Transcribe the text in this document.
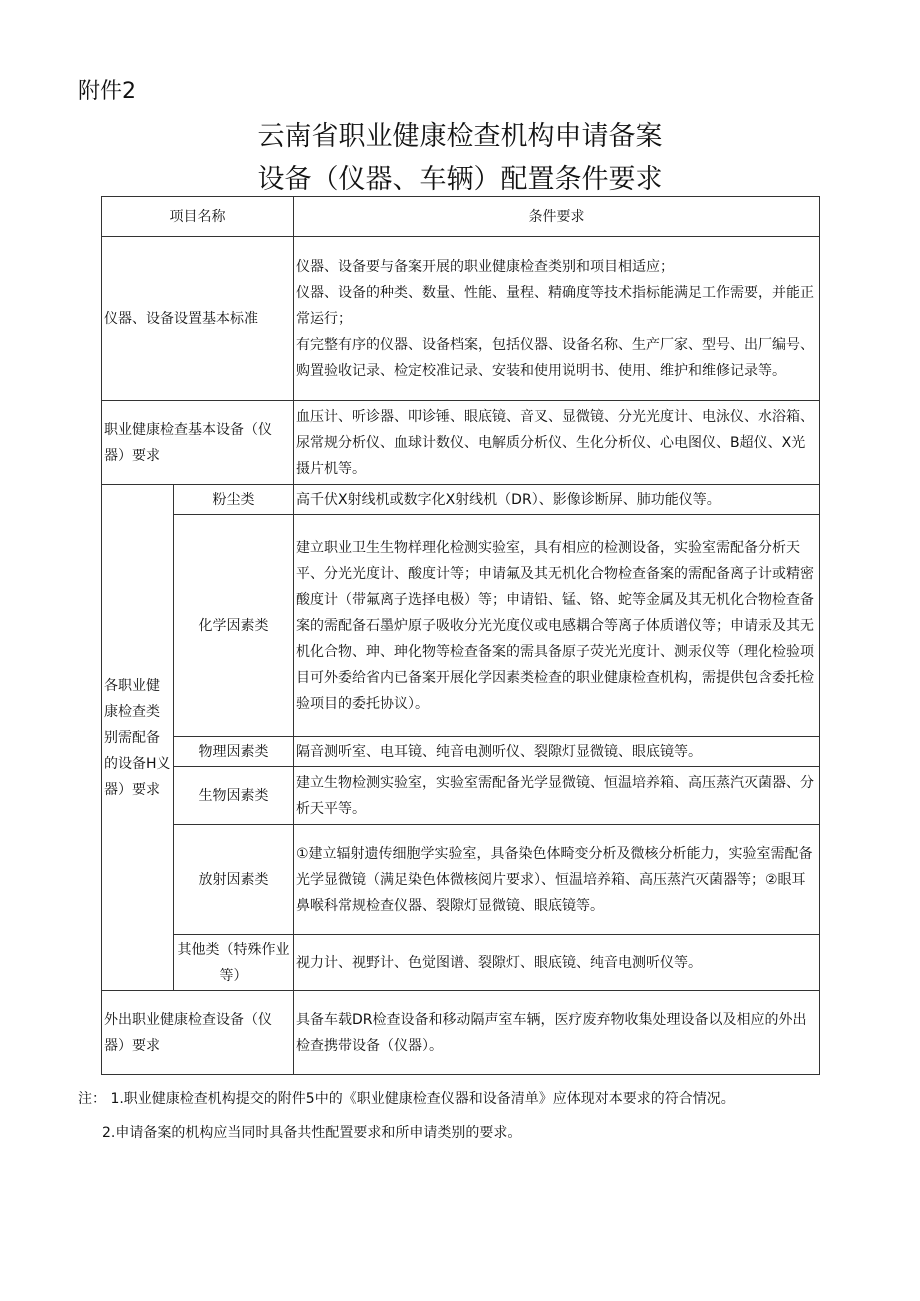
附件2
云南省职业健康检查机构申请备案
设备（仪器、车辆）配置条件要求
项目名称		条件要求
仪器、设备设置基本标准		仪器、设备要与备案开展的职业健康检查类别和项目相适应；
仪器、设备的种类、数量、性能、量程、精确度等技术指标能满足工作需要，并能正常运行；
有完整有序的仪器、设备档案，包括仪器、设备名称、生产厂家、型号、出厂编号、购置验收记录、检定校准记录、安装和使用说明书、使用、维护和维修记录等。

职业健康检查基本设备（仪器）要求		血压计、听诊器、叩诊锤、眼底镜、音叉、显微镜、分光光度计、电泳仪、水浴箱、尿常规分析仪、血球计数仪、电解质分析仪、生化分析仪、心电图仪、B超仪、X光摄片机等。
各职业健康检查类别需配备的设备H义器）要求	粉尘类	高千伏X射线机或数字化X射线机（DR）、影像诊断屏、肺功能仪等。
	化学因素类	建立职业卫生生物样理化检测实验室，具有相应的检测设备，实验室需配备分析天平、分光光度计、酸度计等；申请氟及其无机化合物检查备案的需配备离子计或精密酸度计（带氟离子选择电极）等；申请铅、锰、铬、蛇等金属及其无机化合物检查备案的需配备石墨炉原子吸收分光光度仪或电感耦合等离子体质谱仪等；申请汞及其无机化合物、珅、珅化物等检查备案的需具备原子荧光光度计、测汞仪等（理化检验项目可外委给省内已备案开展化学因素类检查的职业健康检查机构，需提供包含委托检验项目的委托协议）。
	物理因素类	隔音测听室、电耳镜、纯音电测听仪、裂隙灯显微镜、眼底镜等。
	生物因素类	建立生物检测实验室，实验室需配备光学显微镜、恒温培养箱、高压蒸汽灭菌器、分析天平等。
	放射因素类	①建立辐射遗传细胞学实验室，具备染色体畸变分析及微核分析能力，实验室需配备光学显微镜（满足染色体微核阅片要求）、恒温培养箱、高压蒸汽灭菌器等；②眼耳鼻喉科常规检查仪器、裂隙灯显微镜、眼底镜等。
	其他类（特殊作业等）	视力计、视野计、色觉图谱、裂隙灯、眼底镜、纯音电测听仪等。
外出职业健康检查设备（仪器）要求		具备车载DR检查设备和移动隔声室车辆，医疗废弃物收集处理设备以及相应的外出检查携带设备（仪器）。
注： 1.职业健康检查机构提交的附件5中的《职业健康检查仪器和设备清单》应体现对本要求的符合情况。
2.申请备案的机构应当同时具备共性配置要求和所申请类别的要求。
